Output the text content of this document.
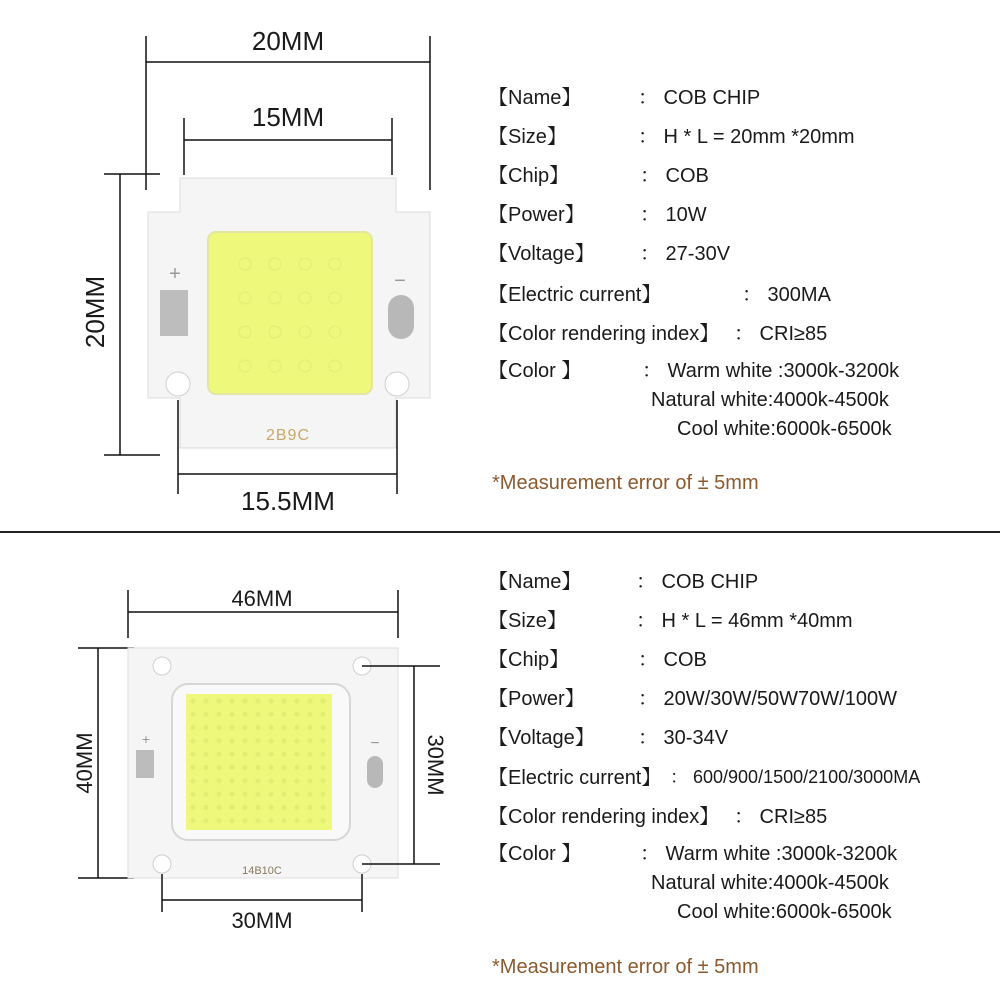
20MM
15MM
20MM
+	−
2B9C
15.5MM
【Name】	： COB CHIP
【Size】	： H * L = 20mm *20mm
【Chip】	： COB
【Power】	： 10W
【Voltage】 ： 27-30V
【Electric current】	： 300MA
【Color rendering index】 ： CRI≥85
【Color 】	： Warm white :3000k-3200k
Natural white:4000k-4500k
Cool white:6000k-6500k
*Measurement error of ± 5mm
46MM
40MM	+	−
14B10C
30MM
30MM
【Name】	： COB CHIP
【Size】	： H * L = 46mm *40mm
【Chip】	： COB
【Power】	： 20W/30W/50W70W/100W
【Voltage】 ： 30-34V
【Electric current】 ： 600/900/1500/2100/3000MA
【Color rendering index】 ： CRI≥85
【Color 】	： Warm white :3000k-3200k
Natural white:4000k-4500k
Cool white:6000k-6500k
*Measurement error of ± 5mm
